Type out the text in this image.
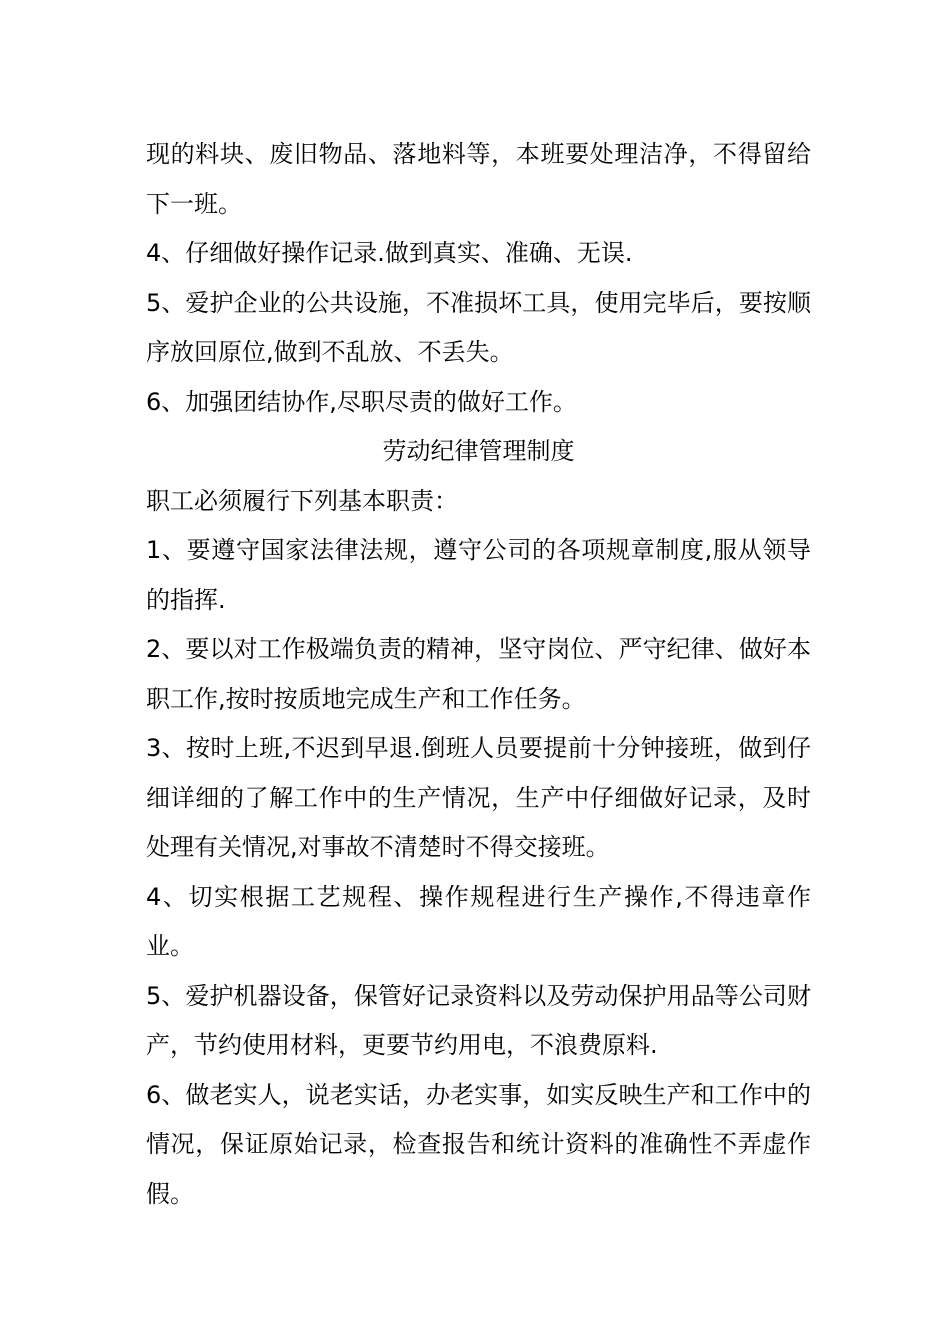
现的料块、废旧物品、落地料等，本班要处理洁净，不得留给下一班。

4、仔细做好操作记录.做到真实、准确、无误.

5、爱护企业的公共设施，不准损坏工具，使用完毕后，要按顺序放回原位,做到不乱放、不丢失。

6、加强团结协作,尽职尽责的做好工作。

劳动纪律管理制度

职工必须履行下列基本职责：

1、要遵守国家法律法规，遵守公司的各项规章制度,服从领导的指挥.

2、要以对工作极端负责的精神，坚守岗位、严守纪律、做好本职工作,按时按质地完成生产和工作任务。

3、按时上班,不迟到早退.倒班人员要提前十分钟接班，做到仔细详细的了解工作中的生产情况，生产中仔细做好记录，及时处理有关情况,对事故不清楚时不得交接班。

4、切实根据工艺规程、操作规程进行生产操作,不得违章作业。

5、爱护机器设备，保管好记录资料以及劳动保护用品等公司财产，节约使用材料，更要节约用电，不浪费原料.

6、做老实人，说老实话，办老实事，如实反映生产和工作中的情况，保证原始记录，检查报告和统计资料的准确性不弄虚作假。
